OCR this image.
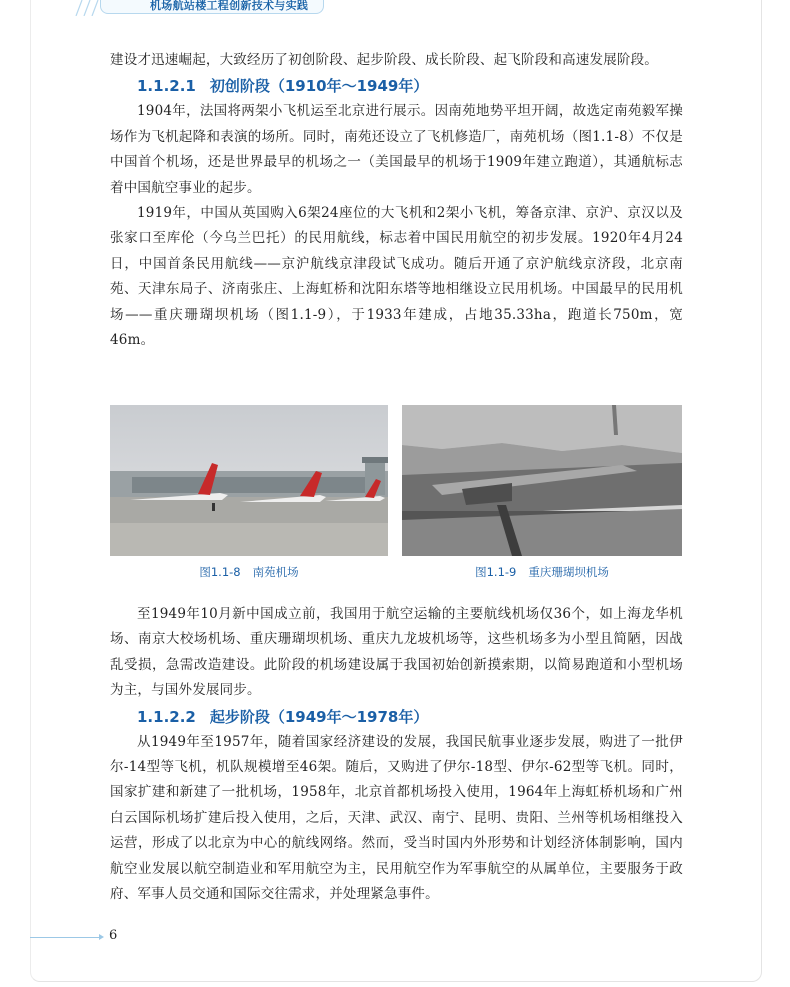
机场航站楼工程创新技术与实践

建设才迅速崛起，大致经历了初创阶段、起步阶段、成长阶段、起飞阶段和高速发展阶段。

1.1.2.1 初创阶段（1910年～1949年）

1904年，法国将两架小飞机运至北京进行展示。因南苑地势平坦开阔，故选定南苑毅军操场作为飞机起降和表演的场所。同时，南苑还设立了飞机修造厂，南苑机场（图1.1-8）不仅是中国首个机场，还是世界最早的机场之一（美国最早的机场于1909年建立跑道），其通航标志着中国航空事业的起步。

1919年，中国从英国购入6架24座位的大飞机和2架小飞机，筹备京津、京沪、京汉以及张家口至库伦（今乌兰巴托）的民用航线，标志着中国民用航空的初步发展。1920年4月24日，中国首条民用航线——京沪航线京津段试飞成功。随后开通了京沪航线京济段，北京南苑、天津东局子、济南张庄、上海虹桥和沈阳东塔等地相继设立民用机场。中国最早的民用机场——重庆珊瑚坝机场（图1.1-9），于1933年建成，占地35.33ha，跑道长750m，宽46m。

图1.1-8 南苑机场	图1.1-9 重庆珊瑚坝机场

至1949年10月新中国成立前，我国用于航空运输的主要航线机场仅36个，如上海龙华机场、南京大校场机场、重庆珊瑚坝机场、重庆九龙坡机场等，这些机场多为小型且简陋，因战乱受损，急需改造建设。此阶段的机场建设属于我国初始创新摸索期，以简易跑道和小型机场为主，与国外发展同步。

1.1.2.2 起步阶段（1949年～1978年）

从1949年至1957年，随着国家经济建设的发展，我国民航事业逐步发展，购进了一批伊尔-14型等飞机，机队规模增至46架。随后，又购进了伊尔-18型、伊尔-62型等飞机。同时，国家扩建和新建了一批机场，1958年，北京首都机场投入使用，1964年上海虹桥机场和广州白云国际机场扩建后投入使用，之后，天津、武汉、南宁、昆明、贵阳、兰州等机场相继投入运营，形成了以北京为中心的航线网络。然而，受当时国内外形势和计划经济体制影响，国内航空业发展以航空制造业和军用航空为主，民用航空作为军事航空的从属单位，主要服务于政府、军事人员交通和国际交往需求，并处理紧急事件。

6
